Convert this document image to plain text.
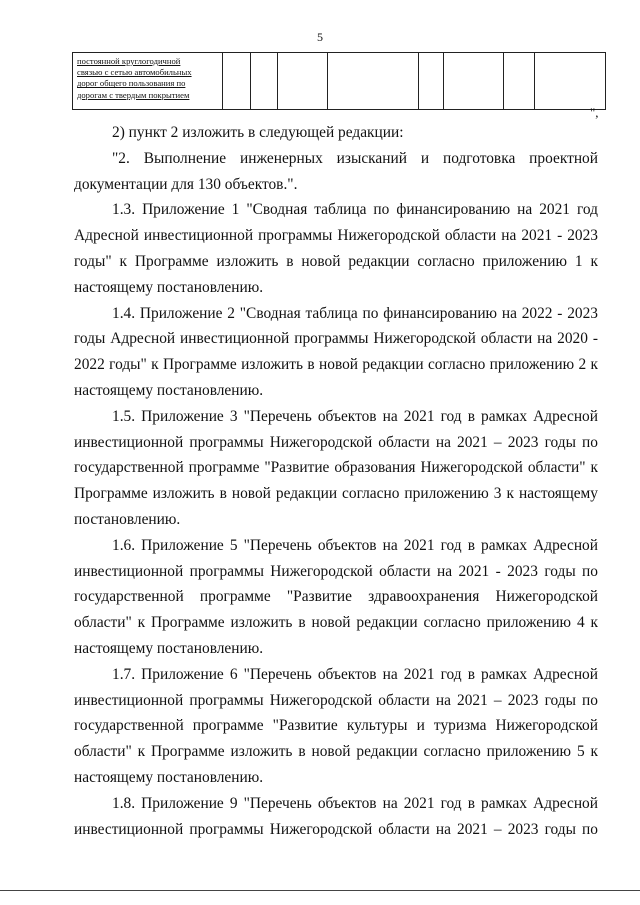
5
постоянной круглогодичной
связью с сетью автомобильных
дорог общего пользования по
дорогам с твердым покрытием

",

2) пункт 2 изложить в следующей редакции:

"2. Выполнение инженерных изысканий и подготовка проектной документации для 130 объектов.".

1.3. Приложение 1 "Сводная таблица по финансированию на 2021 год Адресной инвестиционной программы Нижегородской области на 2021 - 2023 годы" к Программе изложить в новой редакции согласно приложению 1 к настоящему постановлению.

1.4. Приложение 2 "Сводная таблица по финансированию на 2022 - 2023 годы Адресной инвестиционной программы Нижегородской области на 2020 - 2022 годы" к Программе изложить в новой редакции согласно приложению 2 к настоящему постановлению.

1.5. Приложение 3 "Перечень объектов на 2021 год в рамках Адресной инвестиционной программы Нижегородской области на 2021 – 2023 годы по государственной программе "Развитие образования Нижегородской области" к Программе изложить в новой редакции согласно приложению 3 к настоящему постановлению.

1.6. Приложение 5 "Перечень объектов на 2021 год в рамках Адресной инвестиционной программы Нижегородской области на 2021 - 2023 годы по государственной программе "Развитие здравоохранения Нижегородской области" к Программе изложить в новой редакции согласно приложению 4 к настоящему постановлению.

1.7. Приложение 6 "Перечень объектов на 2021 год в рамках Адресной инвестиционной программы Нижегородской области на 2021 – 2023 годы по государственной программе "Развитие культуры и туризма Нижегородской области" к Программе изложить в новой редакции согласно приложению 5 к настоящему постановлению.

1.8. Приложение 9 "Перечень объектов на 2021 год в рамках Адресной инвестиционной программы Нижегородской области на 2021 – 2023 годы по
